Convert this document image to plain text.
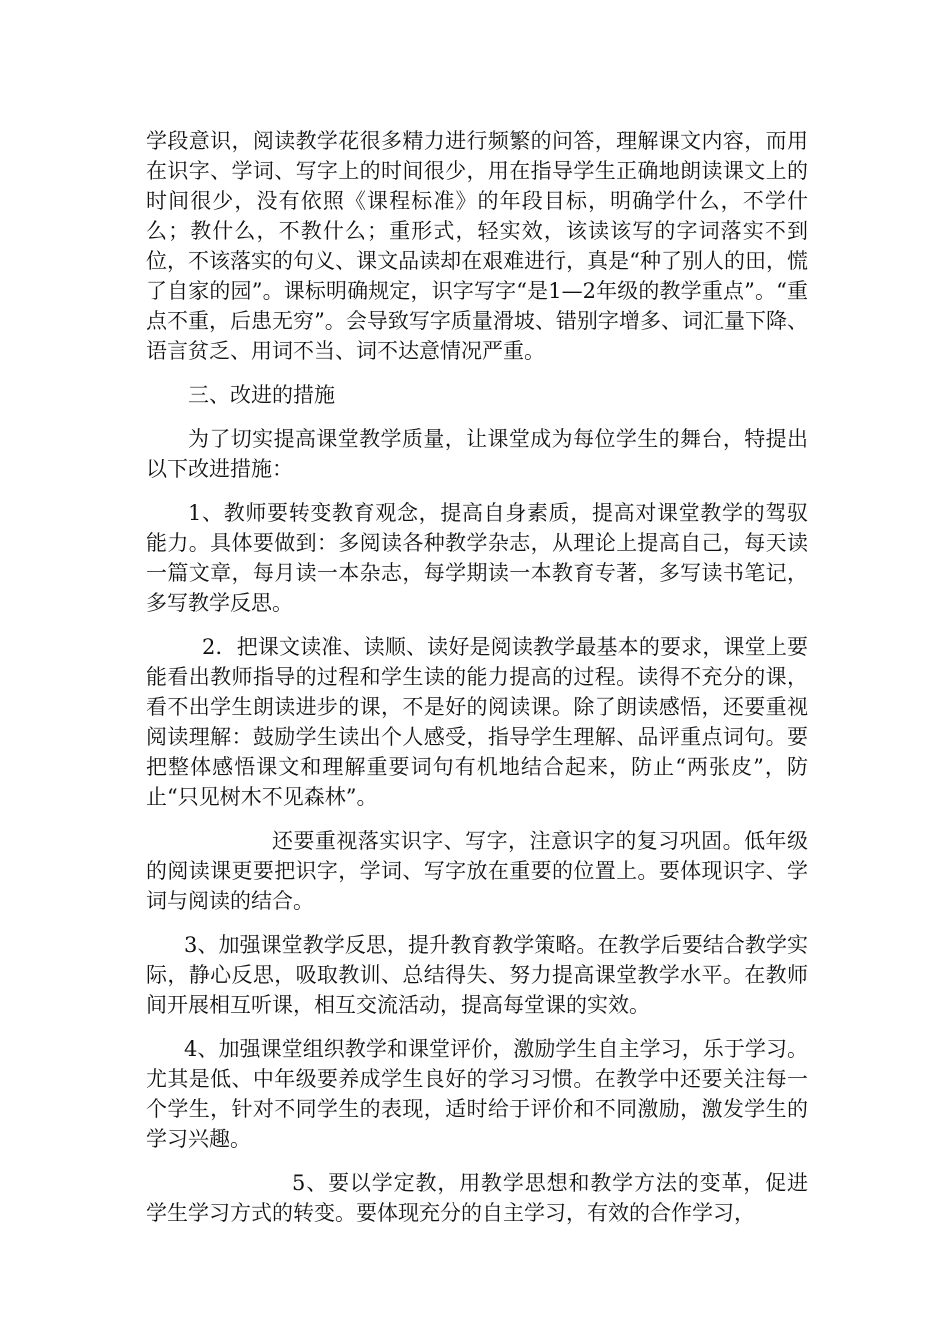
学段意识，阅读教学花很多精力进行频繁的问答，理解课文内容，而用在识字、学词、写字上的时间很少，用在指导学生正确地朗读课文上的时间很少，没有依照《课程标准》的年段目标，明确学什么，不学什么；教什么，不教什么；重形式，轻实效，该读该写的字词落实不到位，不该落实的句义、课文品读却在艰难进行，真是“种了别人的田，慌了自家的园”。课标明确规定，识字写字“是1—2年级的教学重点”。“重点不重，后患无穷”。会导致写字质量滑坡、错别字增多、词汇量下降、语言贫乏、用词不当、词不达意情况严重。

三、改进的措施

为了切实提高课堂教学质量，让课堂成为每位学生的舞台，特提出以下改进措施：

1、教师要转变教育观念，提高自身素质，提高对课堂教学的驾驭能力。具体要做到：多阅读各种教学杂志，从理论上提高自己，每天读一篇文章，每月读一本杂志，每学期读一本教育专著，多写读书笔记，多写教学反思。

2．把课文读准、读顺、读好是阅读教学最基本的要求，课堂上要能看出教师指导的过程和学生读的能力提高的过程。读得不充分的课，看不出学生朗读进步的课，不是好的阅读课。除了朗读感悟，还要重视阅读理解：鼓励学生读出个人感受，指导学生理解、品评重点词句。要把整体感悟课文和理解重要词句有机地结合起来，防止“两张皮”，防止“只见树木不见森林”。

还要重视落实识字、写字，注意识字的复习巩固。低年级的阅读课更要把识字，学词、写字放在重要的位置上。要体现识字、学词与阅读的结合。

3、加强课堂教学反思，提升教育教学策略。在教学后要结合教学实际，静心反思，吸取教训、总结得失、努力提高课堂教学水平。在教师间开展相互听课，相互交流活动，提高每堂课的实效。

4、加强课堂组织教学和课堂评价，激励学生自主学习，乐于学习。尤其是低、中年级要养成学生良好的学习习惯。在教学中还要关注每一个学生，针对不同学生的表现，适时给于评价和不同激励，激发学生的学习兴趣。

5、要以学定教，用教学思想和教学方法的变革，促进学生学习方式的转变。要体现充分的自主学习，有效的合作学习，
